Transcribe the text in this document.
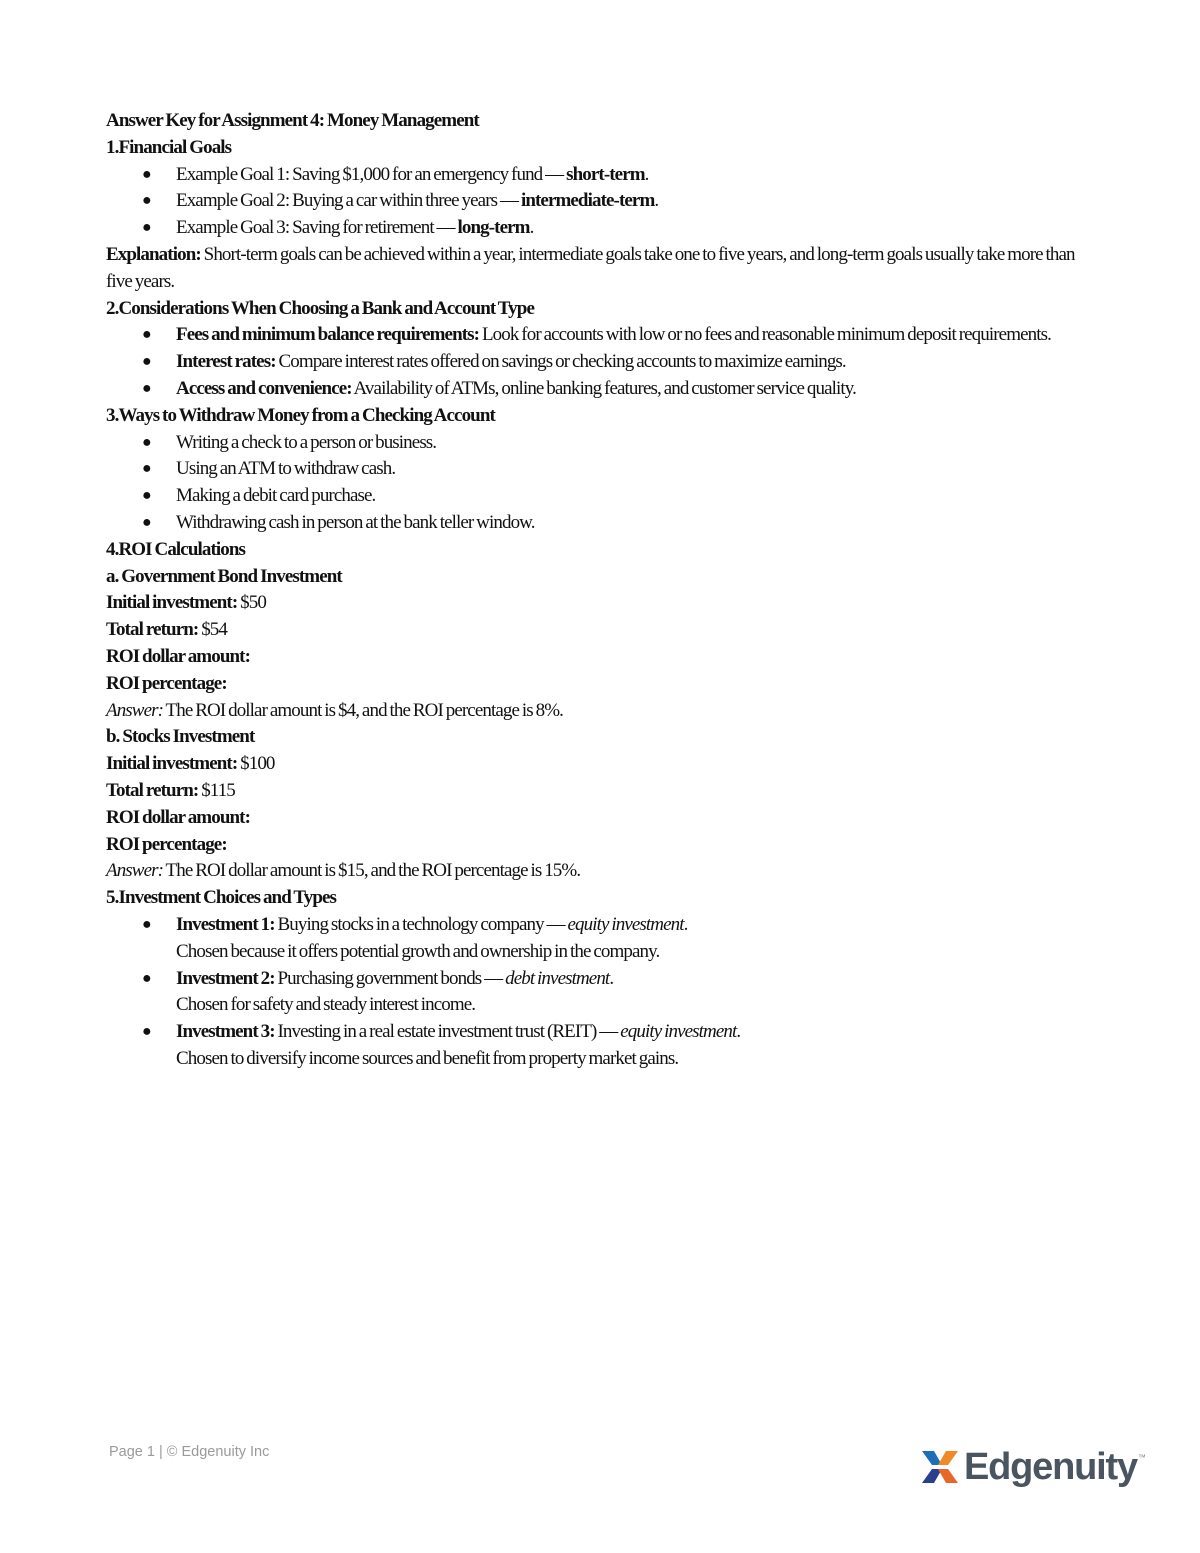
Answer Key for Assignment 4: Money Management

1.Financial Goals

● Example Goal 1: Saving $1,000 for an emergency fund — short-term.
● Example Goal 2: Buying a car within three years — intermediate-term.
● Example Goal 3: Saving for retirement — long-term.

Explanation: Short-term goals can be achieved within a year, intermediate goals take one to five years, and long-term goals usually take more than five years.

2.Considerations When Choosing a Bank and Account Type

● Fees and minimum balance requirements: Look for accounts with low or no fees and reasonable minimum deposit requirements.
● Interest rates: Compare interest rates offered on savings or checking accounts to maximize earnings.
● Access and convenience: Availability of ATMs, online banking features, and customer service quality.

3.Ways to Withdraw Money from a Checking Account

● Writing a check to a person or business.
● Using an ATM to withdraw cash.
● Making a debit card purchase.
● Withdrawing cash in person at the bank teller window.

4.ROI Calculations

a. Government Bond Investment

Initial investment: $50

Total return: $54

ROI dollar amount:

ROI percentage:

Answer: The ROI dollar amount is $4, and the ROI percentage is 8%.

b. Stocks Investment

Initial investment: $100

Total return: $115

ROI dollar amount:

ROI percentage:

Answer: The ROI dollar amount is $15, and the ROI percentage is 15%.

5.Investment Choices and Types

● Investment 1: Buying stocks in a technology company — equity investment.
Chosen because it offers potential growth and ownership in the company.
● Investment 2: Purchasing government bonds — debt investment.
Chosen for safety and steady interest income.
● Investment 3: Investing in a real estate investment trust (REIT) — equity investment.
Chosen to diversify income sources and benefit from property market gains.
Page 1 | © Edgenuity Inc	Edgenuity ™
